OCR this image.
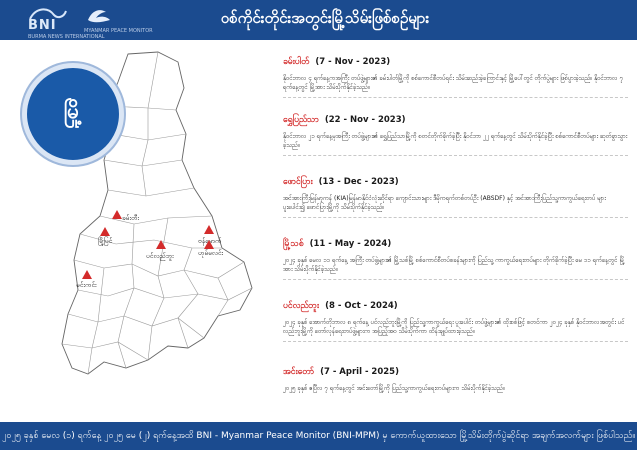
BNI
BURMA NEWS INTERNATIONAL
MYANMAR PEACE MONITOR
ဝစ်ကိုင်းတိုင်းအတွင်းမြို့သိမ်းဖြစ်စဉ်များ
မြို့
ခမ်းတီး
မြို့ပြင်	ဗန်မောက်
ဟုမ်မလင်း
ပင်လည်ဘူး
မင်းကင်း
ခမ်းပါတ် (7 - Nov - 2023)
နိုဝင်ဘာလ ၄ ရက်နေ့ကအကြီး တပ်ဖွဲ့များ၏ ခမ်းပါတ်မြို့ကို စစ်ကောင်စီတပ်ရင်း သိမ်းဆည်းခဲ့ကြောင်းနှင့် မြို့ပေါ်တွင် တိုက်ပွဲများ ဖြစ်ပွားခဲ့သည်။ နိုဝင်ဘာလ ၇ ရက်နေ့တွင် မြို့အား သိမ်းပိုက်နိုင်ခဲ့သည်။
ရွှေပြည်သာ (22 - Nov - 2023)
နိုဝင်ဘာလ ၂၁ ရက်နေ့မှအကြီး တပ်ဖွဲ့များ၏ ရွှေပြည်သာမြို့ကို စတင်တိုက်ခိုက်ခဲ့ပြီး နိုဝင်ဘာ ၂၂ ရက်နေ့တွင် သိမ်းပိုက်နိုင်ခဲ့ပြီး စစ်ကောင်စီတပ်များ ဆုတ်ခွာသွားခဲ့သည်။
ဖောင်ပြား (13 - Dec - 2023)
အင်အားကြီးမြန်မာ့ကန် (KIA)မြန်မာနိုင်ငံလုံးဆိုင်ရာ ကျောင်းသားများ ဒီမိုကရက်တစ်တပ်ဦး (ABSDF) နှင့် အင်အားကြီးပြည်သူ့ကာကွယ်ရေးတပ် များ ပူးပေါင်း၍ ဖောင်ပြားမြို့ကို သိမ်းပိုက်နိုင်ခဲ့သည်။
မြို့သစ် (11 - May - 2024)
၂၀၂၄ ခုနှစ် မေလ ၁၁ ရက်နေ့ အကြီး တပ်ဖွဲ့များ၏ မြို့သစ်မြို့ စစ်ကောင်စီတပ်စခန်းများကို ပြည်သူ့ ကာကွယ်ရေးတပ်များ တိုက်ခိုက်ခဲ့ပြီး မေ ၁၁ ရက်နေ့တွင် မြို့အား သိမ်းပိုက်နိုင်ခဲ့သည်။
ပင်လည်ဘူး (8 - Oct - 2024)
၂၀၂၄ ခုနှစ် အောက်တိုဘာလ ၈ ရက်နေ့ ပင်လည်ဘူးမြို့ကို ပြည်သူ့ကာကွယ်ရေး ပူးပေါင်း တပ်ဖွဲ့များ၏ ထိုးစစ်ဖြင့် စတင်ကာ ၂၀၂၄ ခုနှစ် နိုဝင်ဘာလအတွင်း ပင်လည်ဘူးမြို့ကို တော်လှန်ရေးတပ်ဖွဲ့များက အပြည့်အဝ သိမ်းပိုက်ကာ ထိန်းချုပ်ထားခဲ့သည်။
အင်းတော် (7 - April - 2025)
၂၀၂၅ ခုနှစ် ဧပြီလ ၇ ရက်နေ့တွင် အင်းတော်မြို့ကို ပြည်သူ့ကာကွယ်ရေးတပ်များက သိမ်းပိုက်နိုင်ခဲ့သည်။
၂၀၂၅ ခုနှစ် မေလ (၁) ရက်နေ့ ၂၀၂၅ မေ (၂) ရက်နေ့အထိ BNI - Myanmar Peace Monitor (BNI-MPM) မှ ကောက်ယူထားသော မြို့သိမ်းတိုက်ပွဲဆိုင်ရာ အချက်အလက်များ ဖြစ်ပါသည်။
